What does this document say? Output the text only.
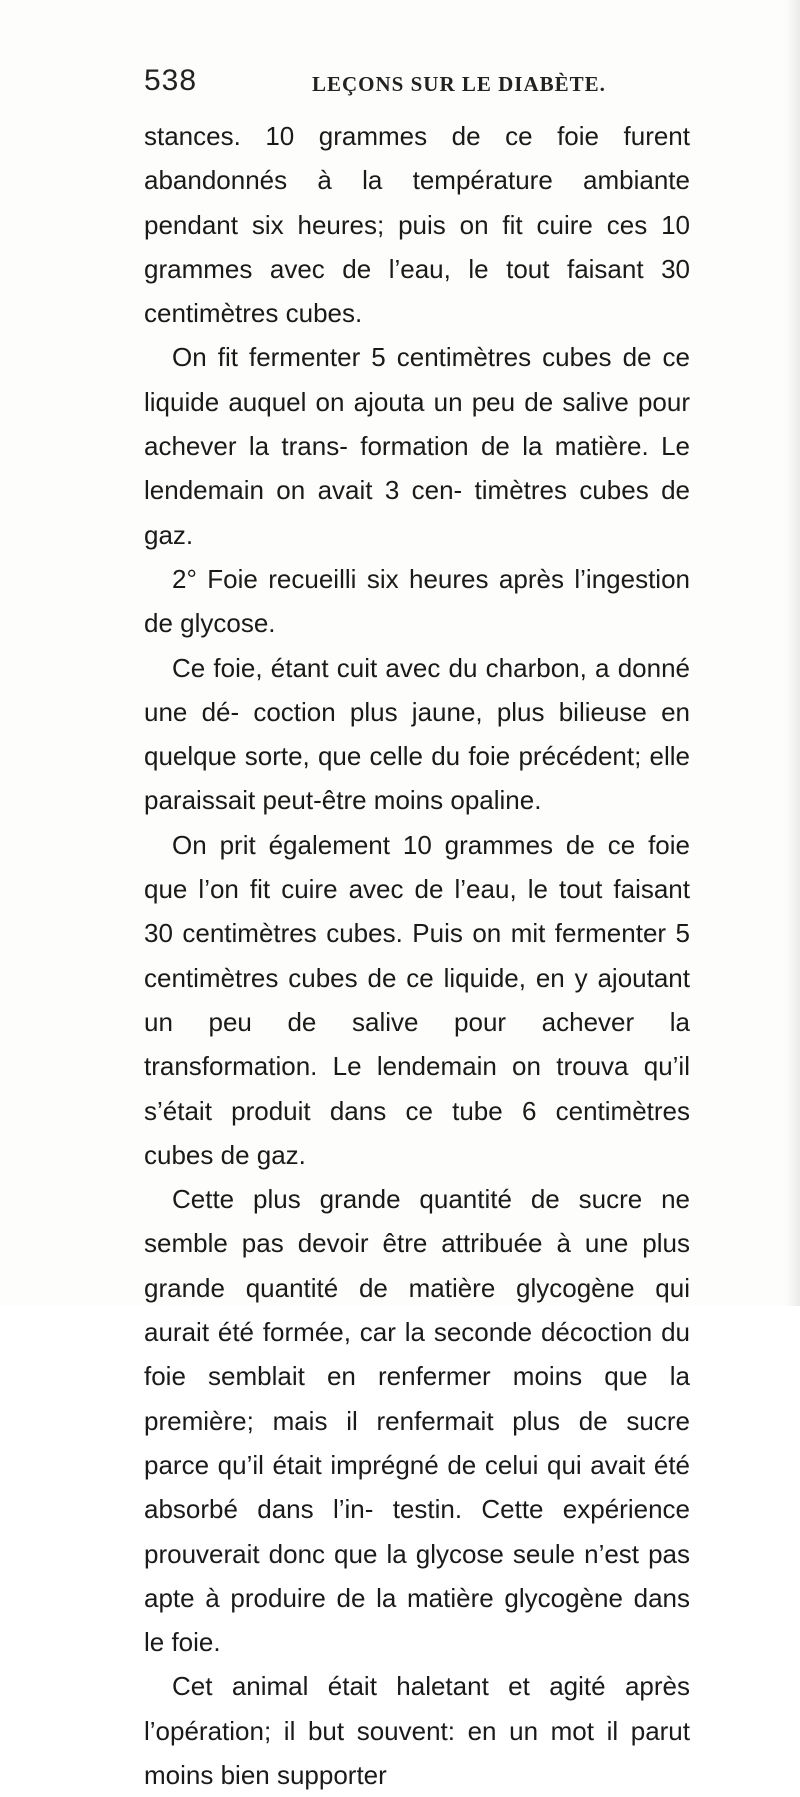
538	LEÇONS SUR LE DIABÈTE.

stances. 10 grammes de ce foie furent abandonnés à la température ambiante pendant six heures; puis on fit cuire ces 10 grammes avec de l’eau, le tout faisant 30 centimètres cubes.

On fit fermenter 5 centimètres cubes de ce liquide auquel on ajouta un peu de salive pour achever la trans- formation de la matière. Le lendemain on avait 3 cen- timètres cubes de gaz.

2° Foie recueilli six heures après l’ingestion de glycose.

Ce foie, étant cuit avec du charbon, a donné une dé- coction plus jaune, plus bilieuse en quelque sorte, que celle du foie précédent; elle paraissait peut-être moins opaline.

On prit également 10 grammes de ce foie que l’on fit cuire avec de l’eau, le tout faisant 30 centimètres cubes. Puis on mit fermenter 5 centimètres cubes de ce liquide, en y ajoutant un peu de salive pour achever la transformation. Le lendemain on trouva qu’il s’était produit dans ce tube 6 centimètres cubes de gaz.

Cette plus grande quantité de sucre ne semble pas devoir être attribuée à une plus grande quantité de matière glycogène qui aurait été formée, car la seconde décoction du foie semblait en renfermer moins que la première; mais il renfermait plus de sucre parce qu’il était imprégné de celui qui avait été absorbé dans l’in- testin. Cette expérience prouverait donc que la glycose seule n’est pas apte à produire de la matière glycogène dans le foie.

Cet animal était haletant et agité après l’opération; il but souvent: en un mot il parut moins bien supporter
